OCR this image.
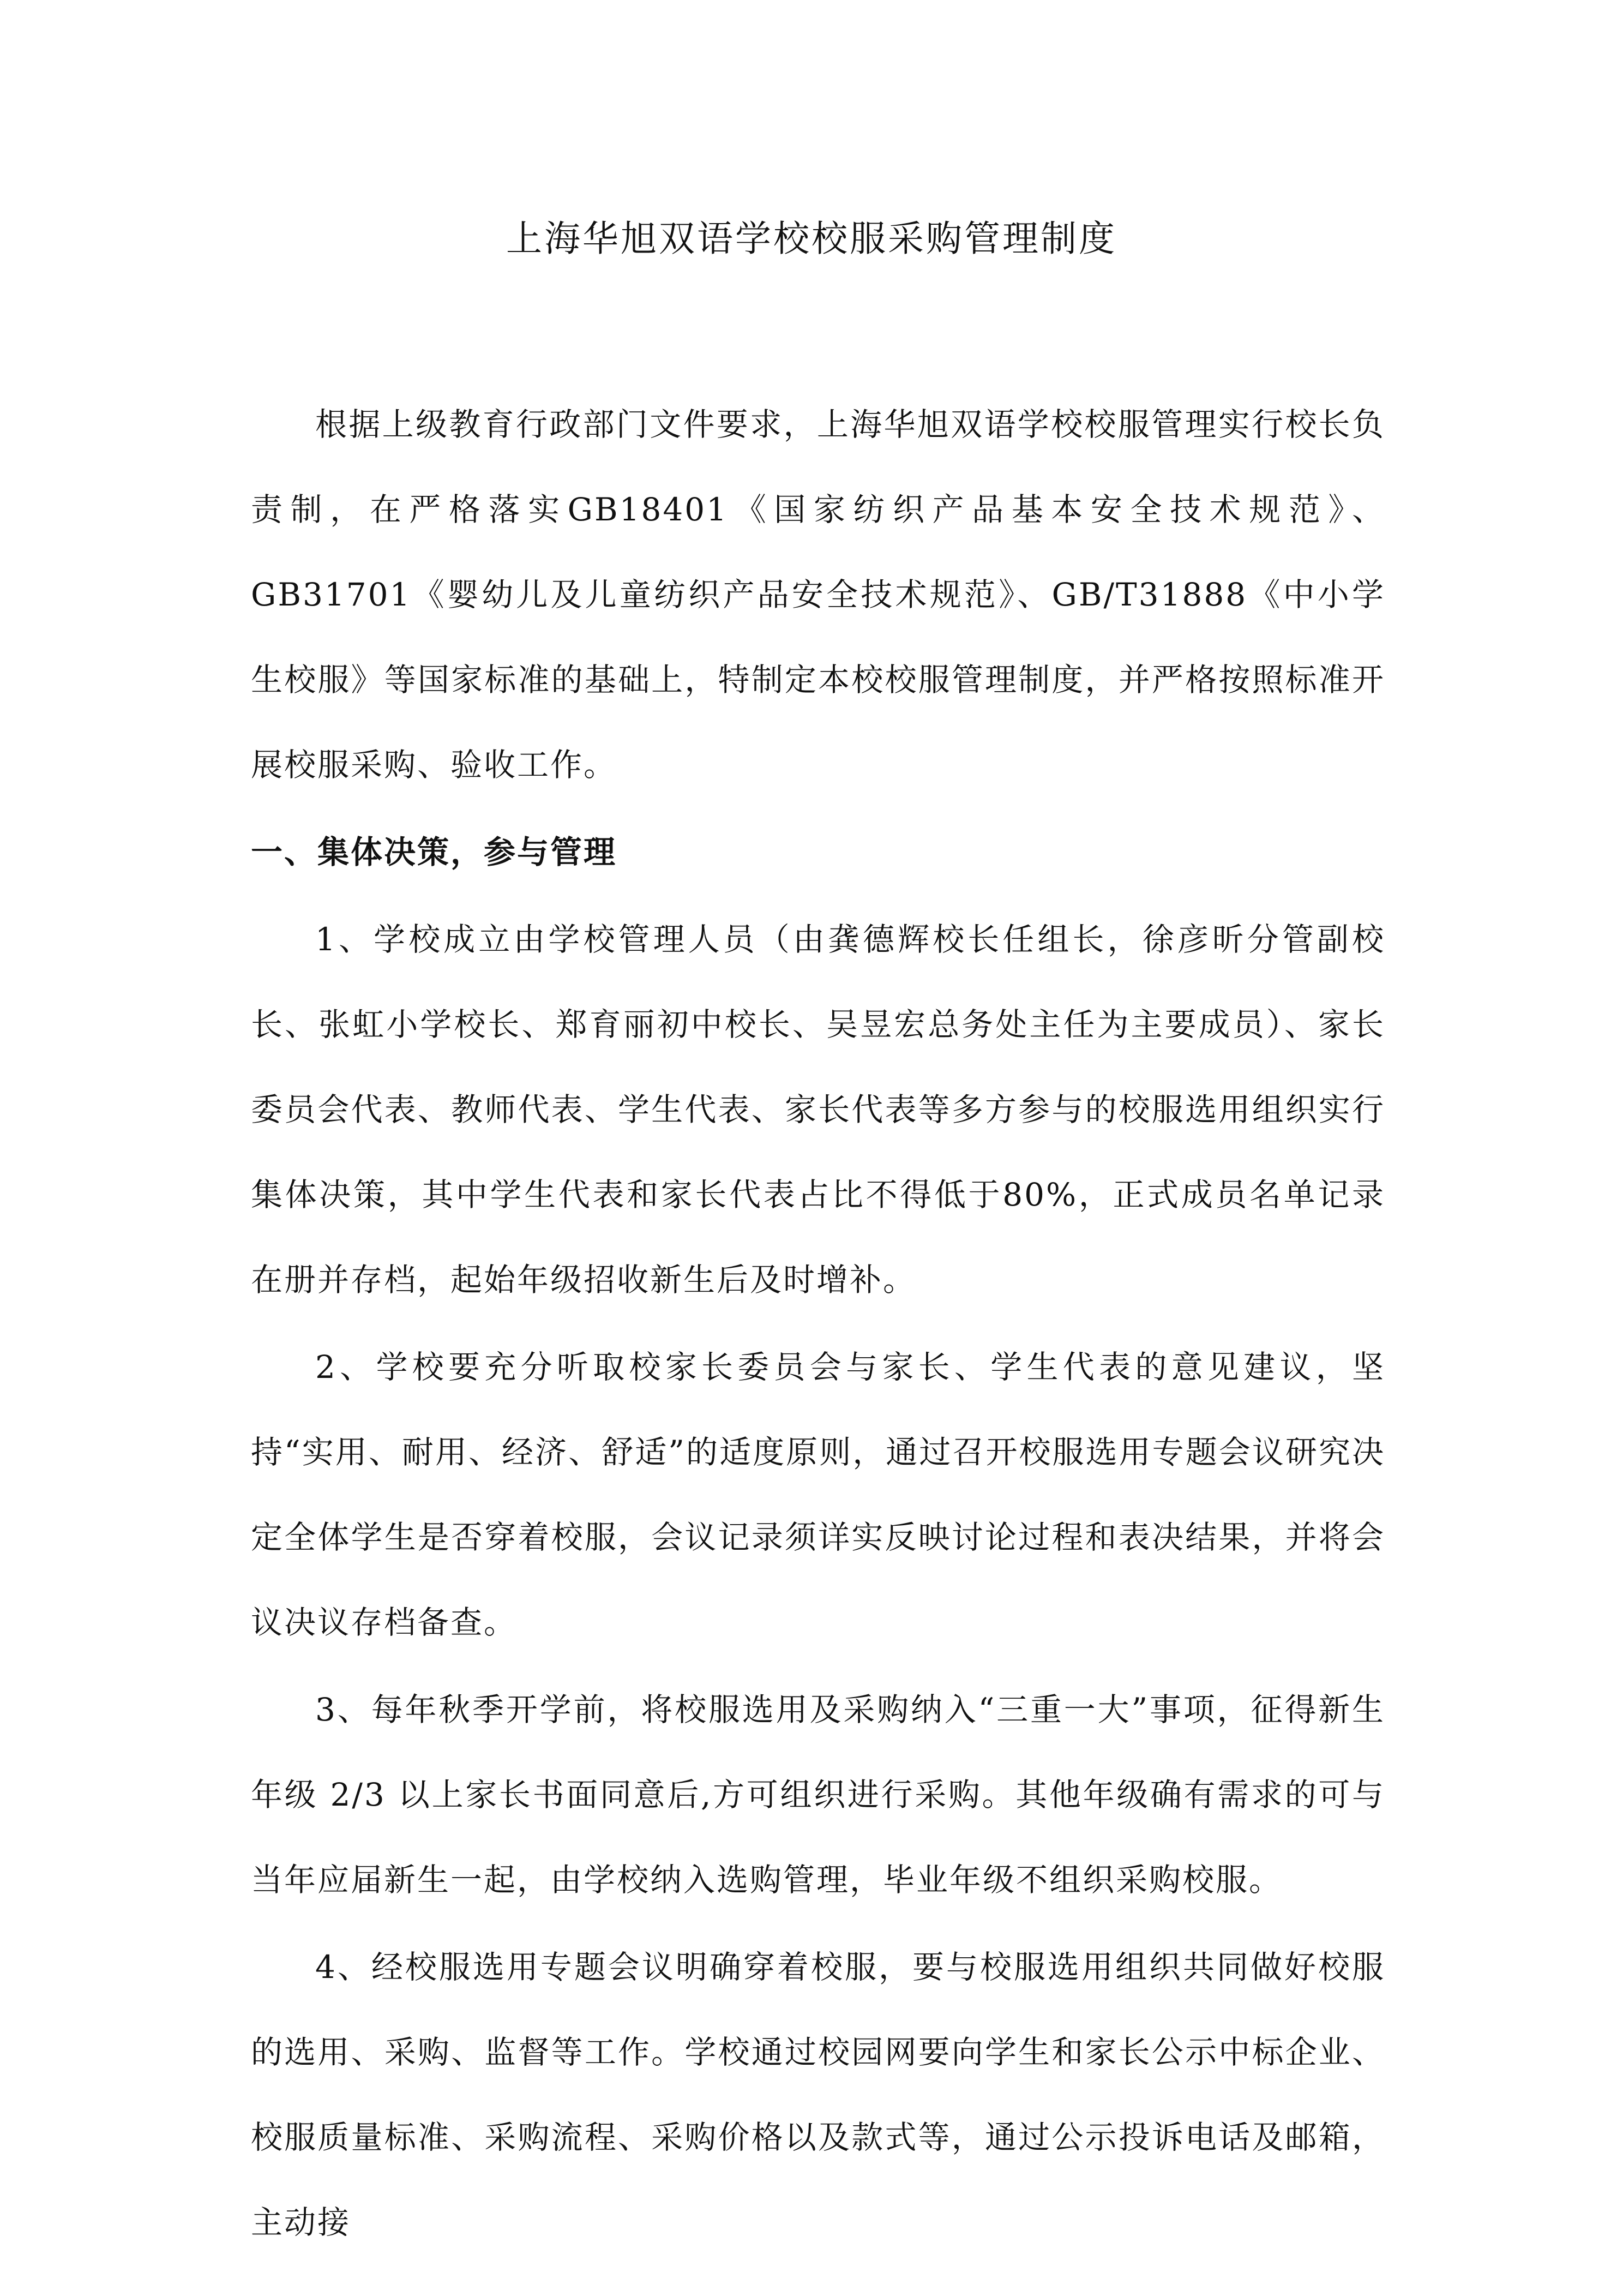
上海华旭双语学校校服采购管理制度

根据上级教育行政部门文件要求，上海华旭双语学校校服管理实行校长负责制，在严格落实GB18401《国家纺织产品基本安全技术规范》、GB31701《婴幼儿及儿童纺织产品安全技术规范》、GB/T31888《中小学生校服》等国家标准的基础上，特制定本校校服管理制度，并严格按照标准开展校服采购、验收工作。

一、集体决策，参与管理

1、学校成立由学校管理人员（由龚德辉校长任组长，徐彦昕分管副校长、张虹小学校长、郑育丽初中校长、吴昱宏总务处主任为主要成员）、家长委员会代表、教师代表、学生代表、家长代表等多方参与的校服选用组织实行集体决策，其中学生代表和家长代表占比不得低于80%，正式成员名单记录在册并存档，起始年级招收新生后及时增补。

2、学校要充分听取校家长委员会与家长、学生代表的意见建议，坚持“实用、耐用、经济、舒适”的适度原则，通过召开校服选用专题会议研究决定全体学生是否穿着校服，会议记录须详实反映讨论过程和表决结果，并将会议决议存档备查。

3、每年秋季开学前，将校服选用及采购纳入“三重一大”事项，征得新生年级 2/3 以上家长书面同意后,方可组织进行采购。其他年级确有需求的可与当年应届新生一起，由学校纳入选购管理，毕业年级不组织采购校服。

4、经校服选用专题会议明确穿着校服，要与校服选用组织共同做好校服的选用、采购、监督等工作。学校通过校园网要向学生和家长公示中标企业、校服质量标准、采购流程、采购价格以及款式等，通过公示投诉电话及邮箱，主动接
